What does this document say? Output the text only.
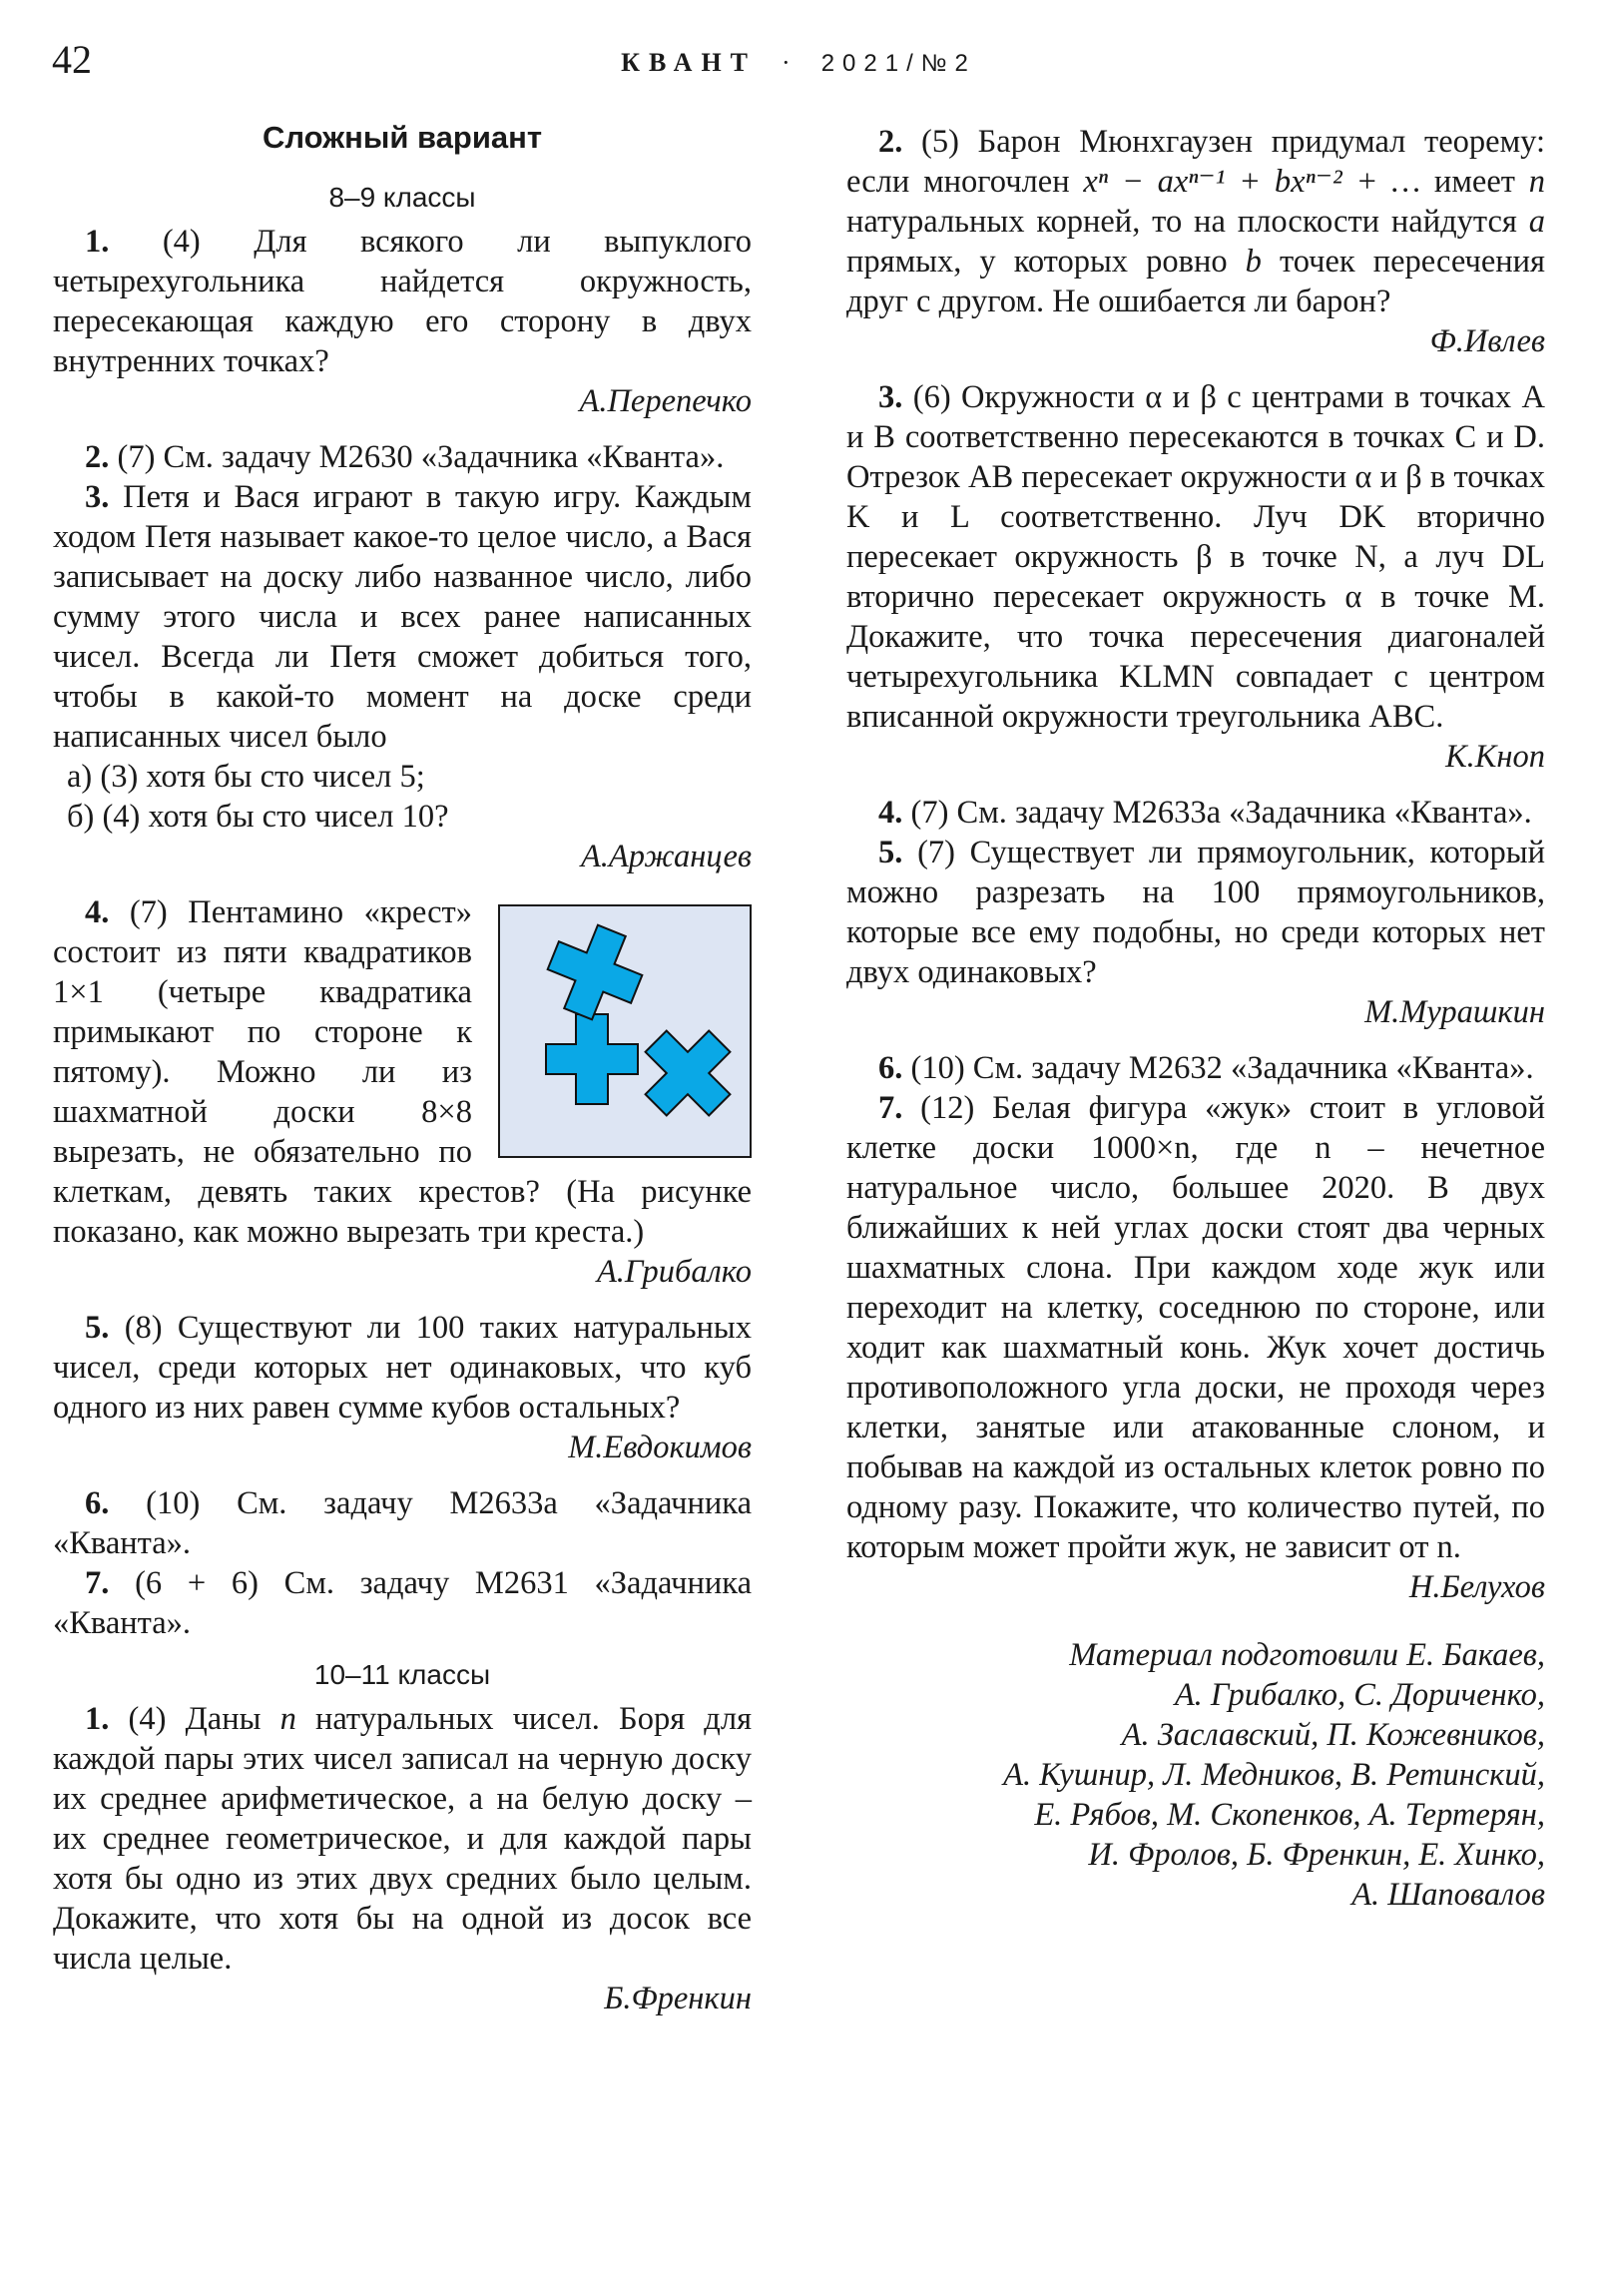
42	КВАНТ · 2021/№2
Сложный вариант
8–9 классы

1. (4) Для всякого ли выпуклого четырехугольника найдется окружность, пересекающая каждую его сторону в двух внутренних точках?

А.Перепечко

2. (7) См. задачу М2630 «Задачника «Кванта».

3. Петя и Вася играют в такую игру. Каждым ходом Петя называет какое-то целое число, а Вася записывает на доску либо названное число, либо сумму этого числа и всех ранее написанных чисел. Всегда ли Петя сможет добиться того, чтобы в какой-то момент на доске среди написанных чисел было

а) (3) хотя бы сто чисел 5;

б) (4) хотя бы сто чисел 10?

А.Аржанцев

4. (7) Пентамино «крест» состоит из пяти квадратиков 1×1 (четыре квадратика примыкают по стороне к пятому). Можно ли из шахматной доски 8×8 вырезать, не обязательно по клеткам, девять таких крестов? (На рисунке показано, как можно вырезать три креста.)

А.Грибалко

5. (8) Существуют ли 100 таких натуральных чисел, среди которых нет одинаковых, что куб одного из них равен сумме кубов остальных?

М.Евдокимов

6. (10) См. задачу М2633а «Задачника «Кванта».

7. (6 + 6) См. задачу М2631 «Задачника «Кванта».

10–11 классы

1. (4) Даны n натуральных чисел. Боря для каждой пары этих чисел записал на черную доску их среднее арифметическое, а на белую доску – их среднее геометрическое, и для каждой пары хотя бы одно из этих двух средних было целым. Докажите, что хотя бы на одной из досок все числа целые.

Б.Френкин

2. (5) Барон Мюнхгаузен придумал теорему: если многочлен xⁿ − axⁿ⁻¹ + bxⁿ⁻² + … имеет n натуральных корней, то на плоскости найдутся a прямых, у которых ровно b точек пересечения друг с другом. Не ошибается ли барон?

Ф.Ивлев

3. (6) Окружности α и β с центрами в точках A и B соответственно пересекаются в точках C и D. Отрезок AB пересекает окружности α и β в точках K и L соответственно. Луч DK вторично пересекает окружность β в точке N, а луч DL вторично пересекает окружность α в точке M. Докажите, что точка пересечения диагоналей четырехугольника KLMN совпадает с центром вписанной окружности треугольника ABC.

К.Кноп

4. (7) См. задачу М2633а «Задачника «Кванта».

5. (7) Существует ли прямоугольник, который можно разрезать на 100 прямоугольников, которые все ему подобны, но среди которых нет двух одинаковых?

М.Мурашкин

6. (10) См. задачу М2632 «Задачника «Кванта».

7. (12) Белая фигура «жук» стоит в угловой клетке доски 1000×n, где n – нечетное натуральное число, большее 2020. В двух ближайших к ней углах доски стоят два черных шахматных слона. При каждом ходе жук или переходит на клетку, соседнюю по стороне, или ходит как шахматный конь. Жук хочет достичь противоположного угла доски, не проходя через клетки, занятые или атакованные слоном, и побывав на каждой из остальных клеток ровно по одному разу. Покажите, что количество путей, по которым может пройти жук, не зависит от n.

Н.Белухов
Материал подготовили Е. Бакаев,
А. Грибалко, С. Дориченко,
А. Заславский, П. Кожевников,
А. Кушнир, Л. Медников, В. Ретинский,
Е. Рябов, М. Скопенков, А. Тертерян,
И. Фролов, Б. Френкин, Е. Хинко,
А. Шаповалов
